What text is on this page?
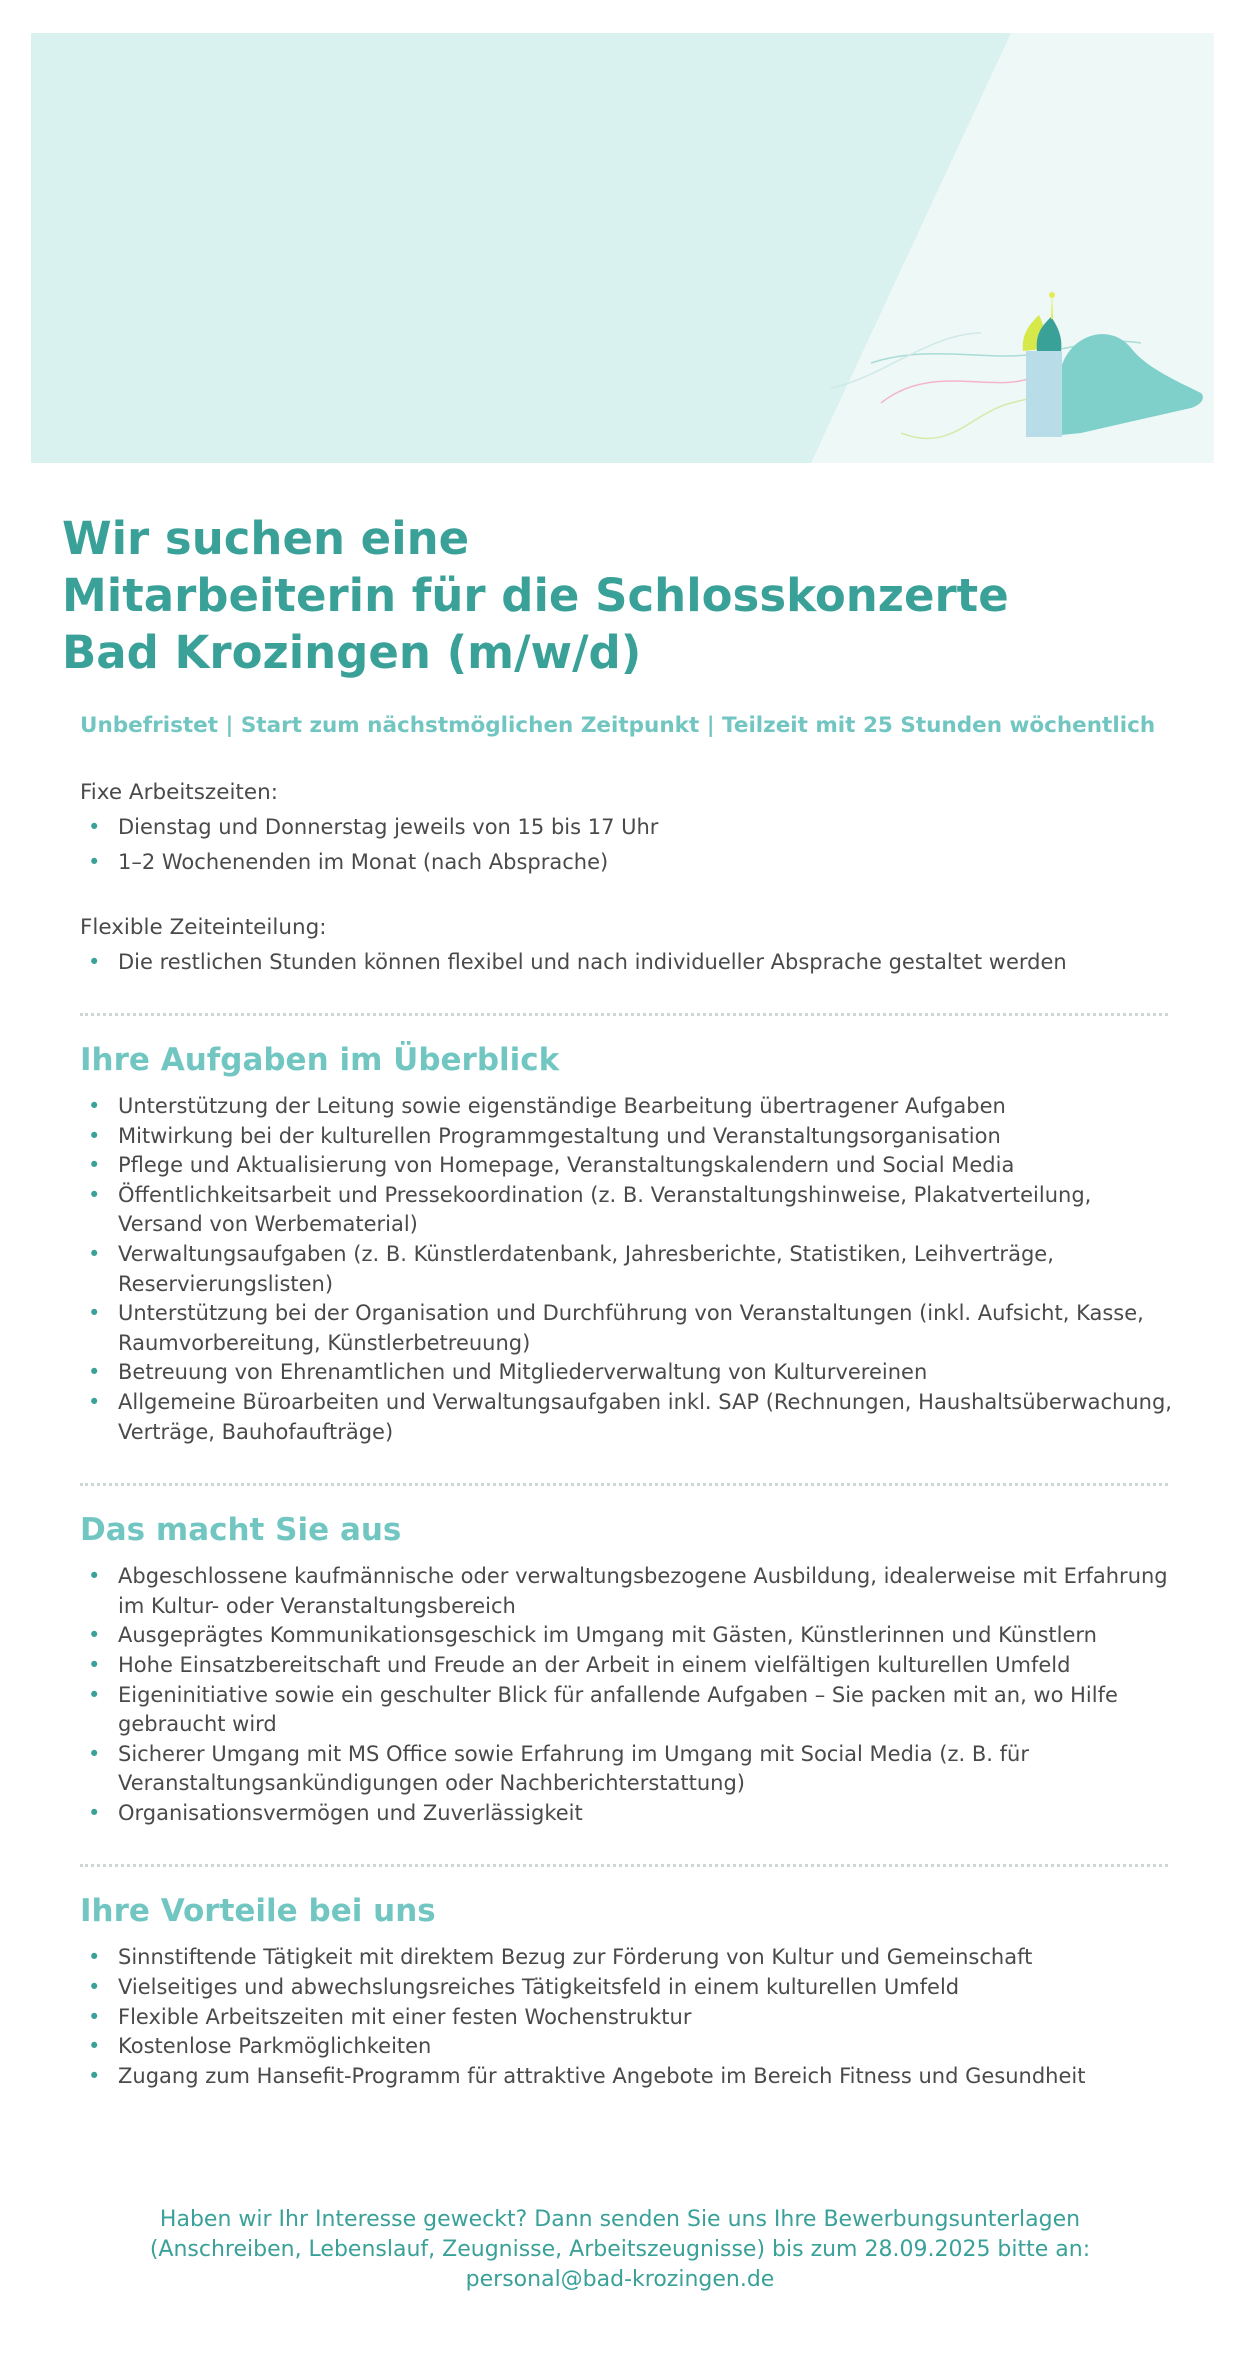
Wir suchen eine
Mitarbeiterin für die Schlosskonzerte
Bad Krozingen (m/w/d)
Unbefristet | Start zum nächstmöglichen Zeitpunkt | Teilzeit mit 25 Stunden wöchentlich
Fixe Arbeitszeiten:
• Dienstag und Donnerstag jeweils von 15 bis 17 Uhr
• 1–2 Wochenenden im Monat (nach Absprache)
Flexible Zeiteinteilung:
• Die restlichen Stunden können flexibel und nach individueller Absprache gestaltet werden
Ihre Aufgaben im Überblick
• Unterstützung der Leitung sowie eigenständige Bearbeitung übertragener Aufgaben
• Mitwirkung bei der kulturellen Programmgestaltung und Veranstaltungsorganisation
• Pflege und Aktualisierung von Homepage, Veranstaltungskalendern und Social Media
• Öffentlichkeitsarbeit und Pressekoordination (z. B. Veranstaltungshinweise, Plakatverteilung, Versand von Werbematerial)
• Verwaltungsaufgaben (z. B. Künstlerdatenbank, Jahresberichte, Statistiken, Leihverträge, Reservierungslisten)
• Unterstützung bei der Organisation und Durchführung von Veranstaltungen (inkl. Aufsicht, Kasse, Raumvorbereitung, Künstlerbetreuung)
• Betreuung von Ehrenamtlichen und Mitgliederverwaltung von Kulturvereinen
• Allgemeine Büroarbeiten und Verwaltungsaufgaben inkl. SAP (Rechnungen, Haushaltsüberwachung, Verträge, Bauhofaufträge)
Das macht Sie aus
• Abgeschlossene kaufmännische oder verwaltungsbezogene Ausbildung, idealerweise mit Erfahrung im Kultur- oder Veranstaltungsbereich
• Ausgeprägtes Kommunikationsgeschick im Umgang mit Gästen, Künstlerinnen und Künstlern
• Hohe Einsatzbereitschaft und Freude an der Arbeit in einem vielfältigen kulturellen Umfeld
• Eigeninitiative sowie ein geschulter Blick für anfallende Aufgaben – Sie packen mit an, wo Hilfe gebraucht wird
• Sicherer Umgang mit MS Office sowie Erfahrung im Umgang mit Social Media (z. B. für Veranstaltungsankündigungen oder Nachberichterstattung)
• Organisationsvermögen und Zuverlässigkeit
Ihre Vorteile bei uns
• Sinnstiftende Tätigkeit mit direktem Bezug zur Förderung von Kultur und Gemeinschaft
• Vielseitiges und abwechslungsreiches Tätigkeitsfeld in einem kulturellen Umfeld
• Flexible Arbeitszeiten mit einer festen Wochenstruktur
• Kostenlose Parkmöglichkeiten
• Zugang zum Hansefit-Programm für attraktive Angebote im Bereich Fitness und Gesundheit
Haben wir Ihr Interesse geweckt? Dann senden Sie uns Ihre Bewerbungsunterlagen
(Anschreiben, Lebenslauf, Zeugnisse, Arbeitszeugnisse) bis zum 28.09.2025 bitte an:
personal@bad-krozingen.de
